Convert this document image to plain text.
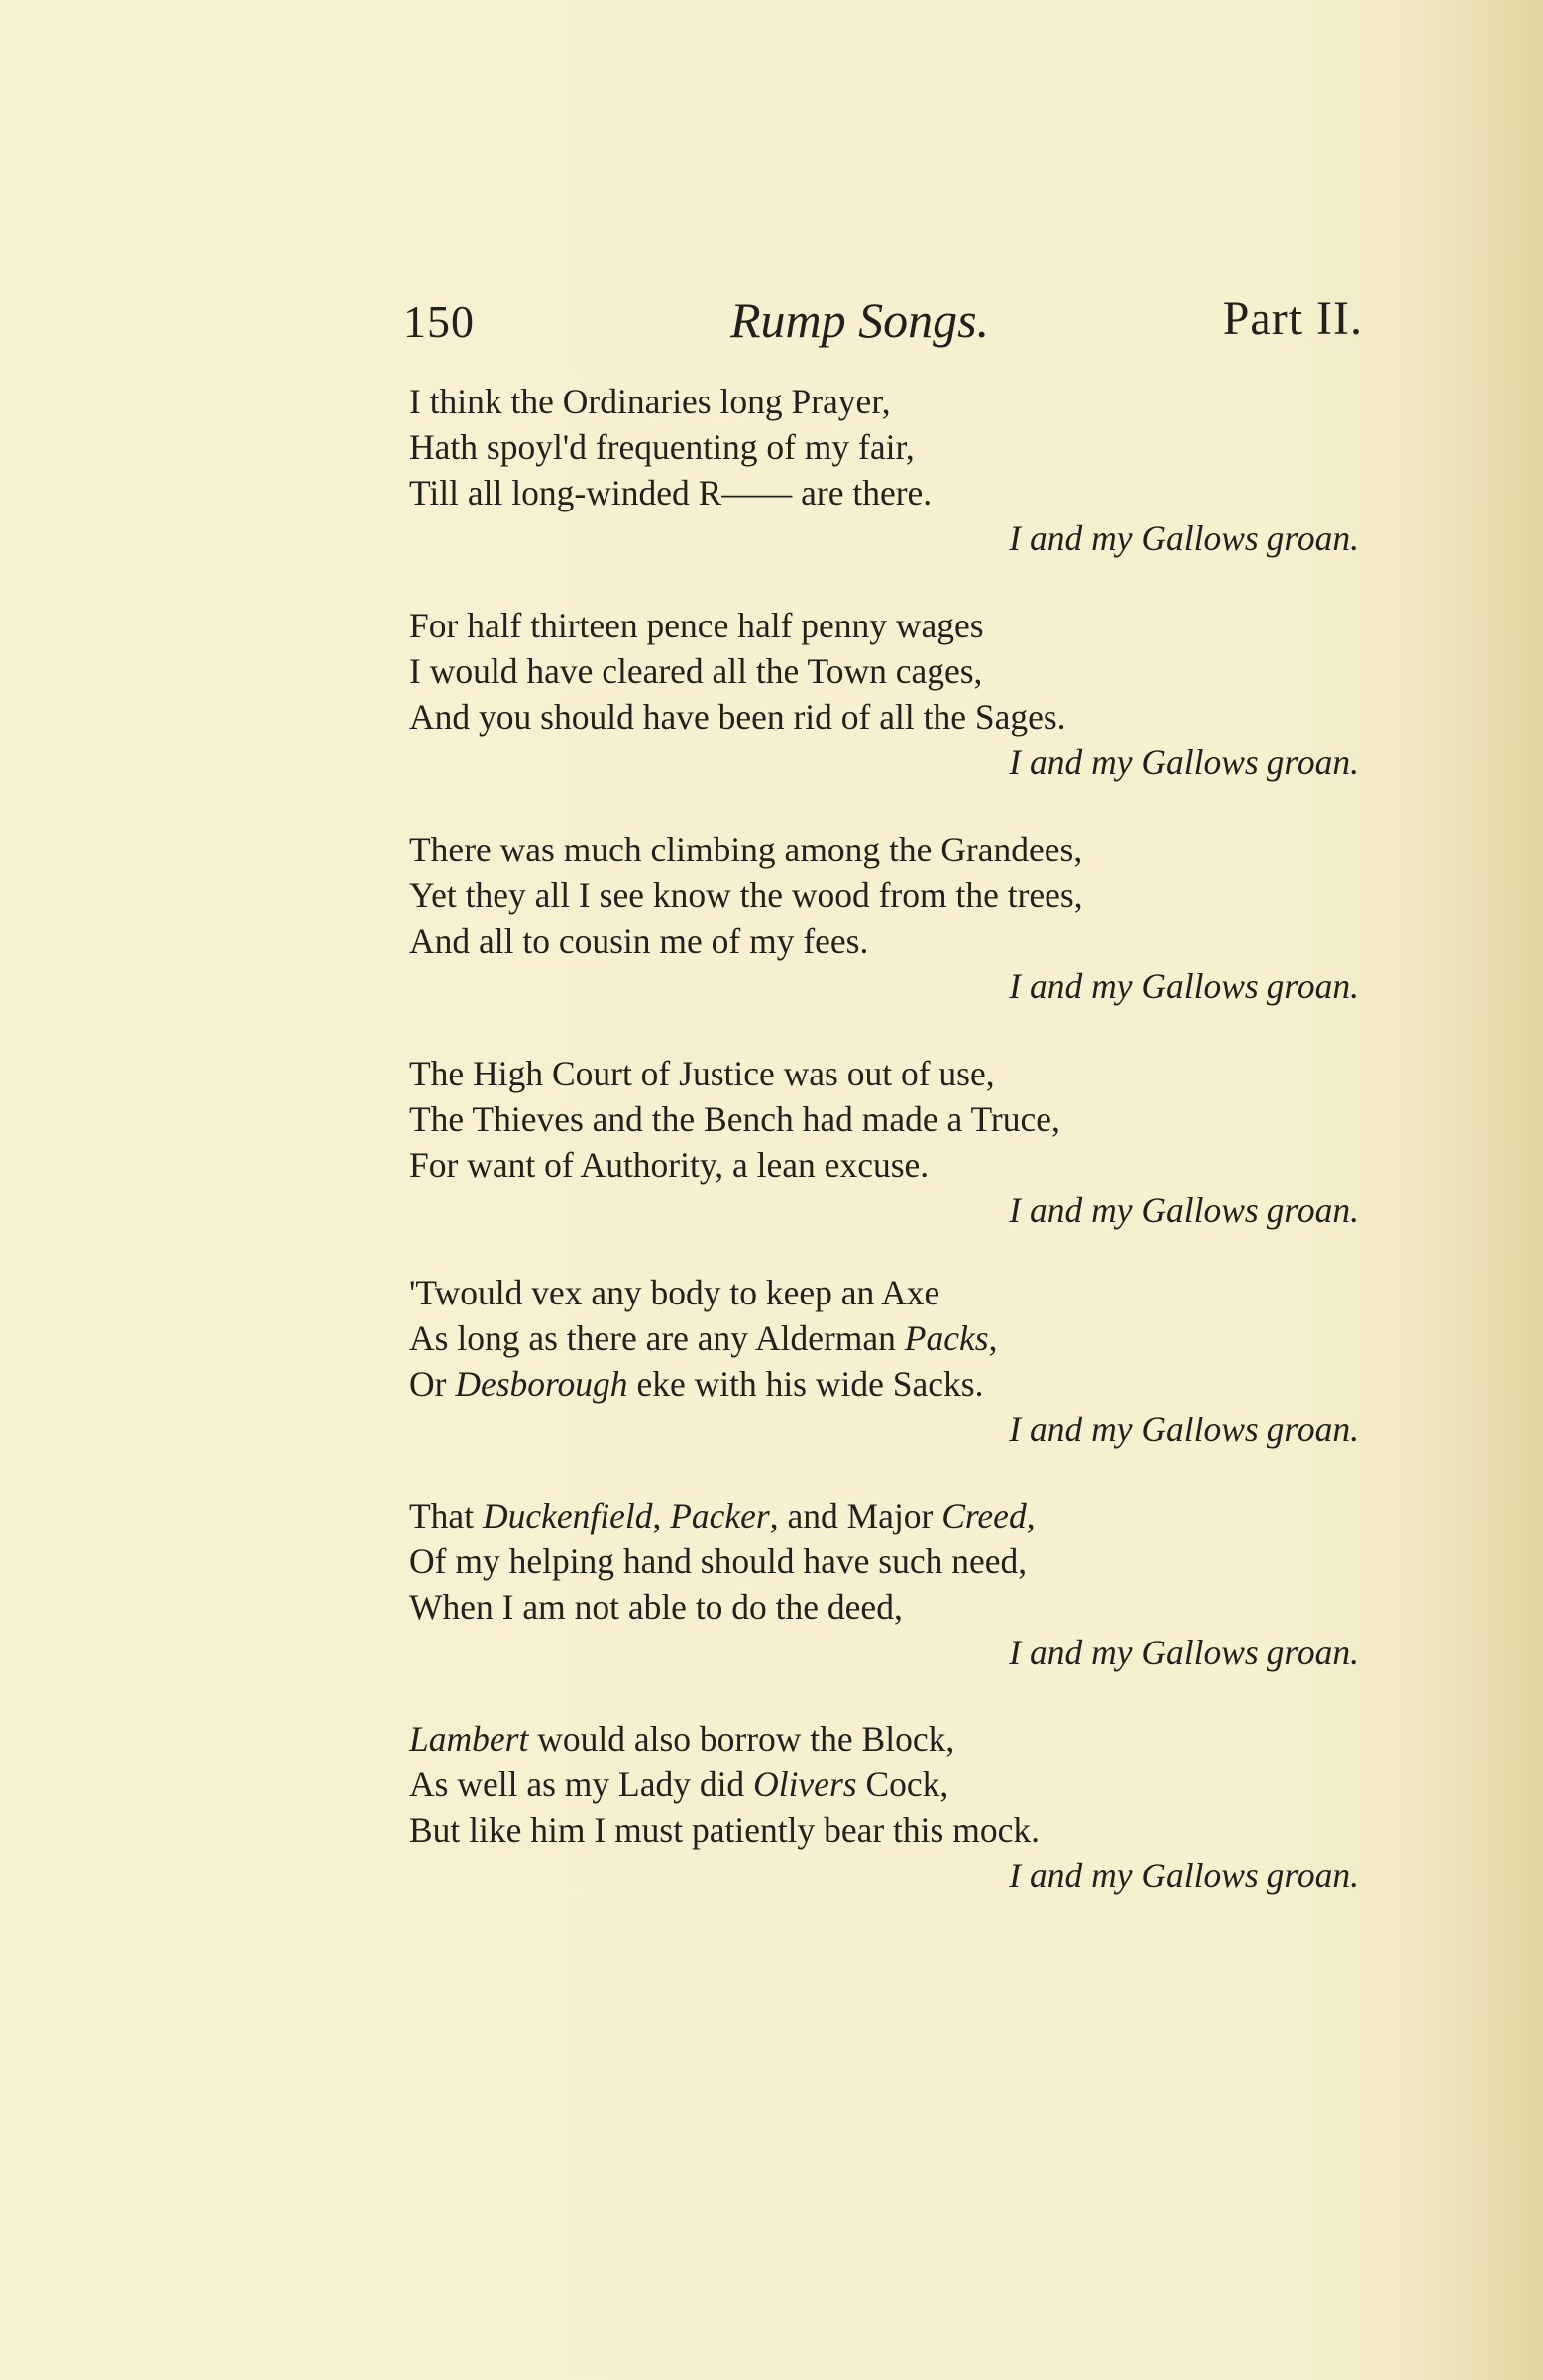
150	Rump Songs.	Part II.
I think the Ordinaries long Prayer,
Hath spoyl'd frequenting of my fair,
Till all long-winded R—— are there.
I and my Gallows groan.
For half thirteen pence half penny wages
I would have cleared all the Town cages,
And you should have been rid of all the Sages.
I and my Gallows groan.
There was much climbing among the Grandees,
Yet they all I see know the wood from the trees,
And all to cousin me of my fees.
I and my Gallows groan.
The High Court of Justice was out of use,
The Thieves and the Bench had made a Truce,
For want of Authority, a lean excuse.
I and my Gallows groan.
'Twould vex any body to keep an Axe
As long as there are any Alderman Packs,
Or Desborough eke with his wide Sacks.
I and my Gallows groan.
That Duckenfield, Packer, and Major Creed,
Of my helping hand should have such need,
When I am not able to do the deed,
I and my Gallows groan.
Lambert would also borrow the Block,
As well as my Lady did Olivers Cock,
But like him I must patiently bear this mock.
I and my Gallows groan.
